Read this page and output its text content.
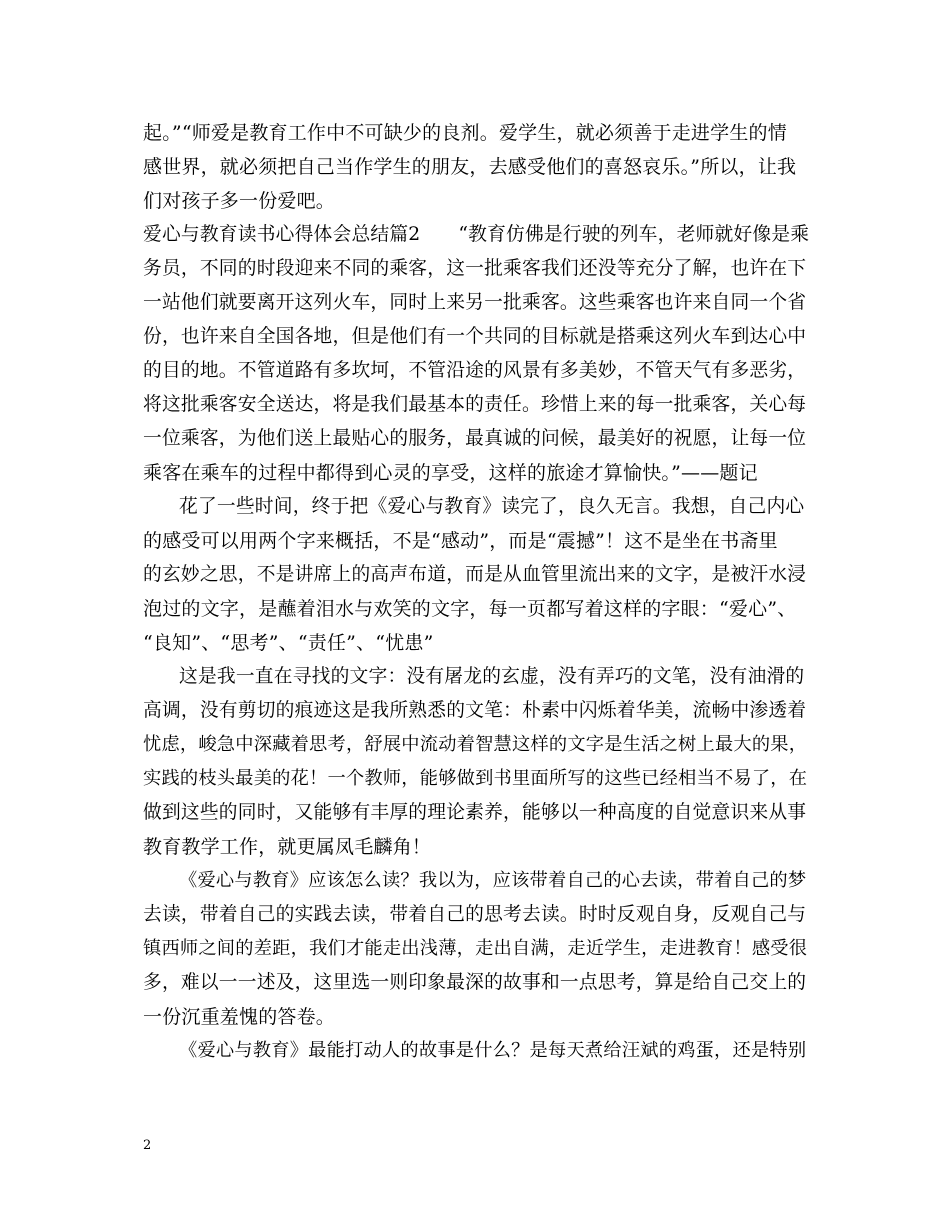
起。”“师爱是教育工作中不可缺少的良剂。爱学生，就必须善于走进学生的情
感世界，就必须把自己当作学生的朋友，去感受他们的喜怒哀乐。”所以，让我
们对孩子多一份爱吧。
爱心与教育读书心得体会总结篇2　　“教育仿佛是行驶的列车，老师就好像是乘
务员，不同的时段迎来不同的乘客，这一批乘客我们还没等充分了解，也许在下
一站他们就要离开这列火车，同时上来另一批乘客。这些乘客也许来自同一个省
份，也许来自全国各地，但是他们有一个共同的目标就是搭乘这列火车到达心中
的目的地。不管道路有多坎坷，不管沿途的风景有多美妙，不管天气有多恶劣，
将这批乘客安全送达，将是我们最基本的责任。珍惜上来的每一批乘客，关心每
一位乘客，为他们送上最贴心的服务，最真诚的问候，最美好的祝愿，让每一位
乘客在乘车的过程中都得到心灵的享受，这样的旅途才算愉快。”——题记
花了一些时间，终于把《爱心与教育》读完了，良久无言。我想，自己内心
的感受可以用两个字来概括，不是“感动”，而是“震撼”！这不是坐在书斋里
的玄妙之思，不是讲席上的高声布道，而是从血管里流出来的文字，是被汗水浸
泡过的文字，是蘸着泪水与欢笑的文字，每一页都写着这样的字眼：“爱心”、
“良知”、“思考”、“责任”、“忧患”
这是我一直在寻找的文字：没有屠龙的玄虚，没有弄巧的文笔，没有油滑的
高调，没有剪切的痕迹这是我所熟悉的文笔：朴素中闪烁着华美，流畅中渗透着
忧虑，峻急中深藏着思考，舒展中流动着智慧这样的文字是生活之树上最大的果，
实践的枝头最美的花！一个教师，能够做到书里面所写的这些已经相当不易了，在
做到这些的同时，又能够有丰厚的理论素养，能够以一种高度的自觉意识来从事
教育教学工作，就更属凤毛麟角！
《爱心与教育》应该怎么读？我以为，应该带着自己的心去读，带着自己的梦
去读，带着自己的实践去读，带着自己的思考去读。时时反观自身，反观自己与
镇西师之间的差距，我们才能走出浅薄，走出自满，走近学生，走进教育！感受很
多，难以一一述及，这里选一则印象最深的故事和一点思考，算是给自己交上的
一份沉重羞愧的答卷。
《爱心与教育》最能打动人的故事是什么？是每天煮给汪斌的鸡蛋，还是特别
2
